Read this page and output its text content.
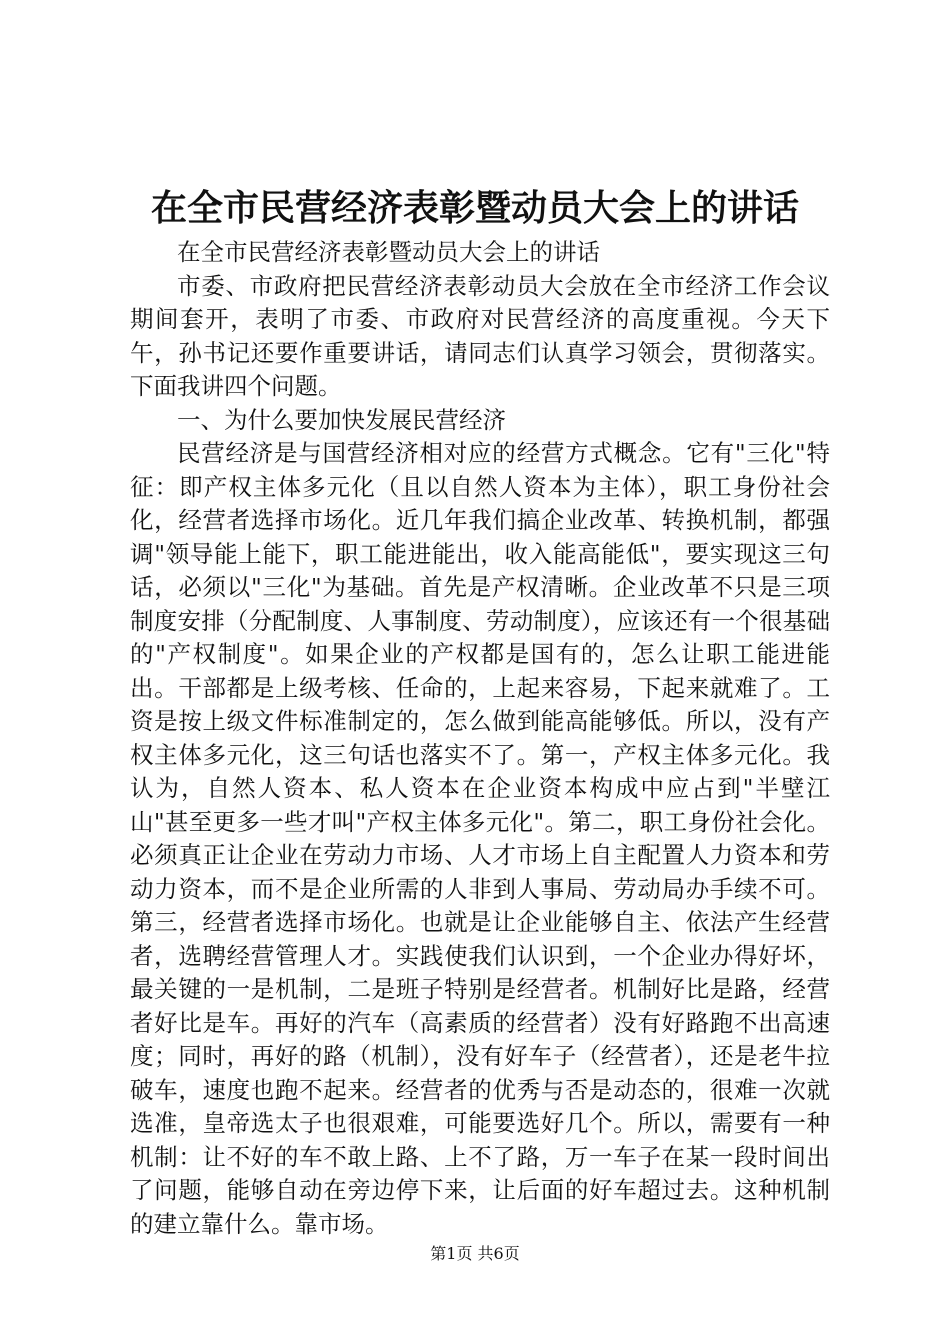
在全市民营经济表彰暨动员大会上的讲话

在全市民营经济表彰暨动员大会上的讲话

市委、市政府把民营经济表彰动员大会放在全市经济工作会议期间套开，表明了市委、市政府对民营经济的高度重视。今天下午，孙书记还要作重要讲话，请同志们认真学习领会，贯彻落实。下面我讲四个问题。

一、为什么要加快发展民营经济

民营经济是与国营经济相对应的经营方式概念。它有"三化"特征：即产权主体多元化（且以自然人资本为主体），职工身份社会化，经营者选择市场化。近几年我们搞企业改革、转换机制，都强调"领导能上能下，职工能进能出，收入能高能低"，要实现这三句话，必须以"三化"为基础。首先是产权清晰。企业改革不只是三项制度安排（分配制度、人事制度、劳动制度），应该还有一个很基础的"产权制度"。如果企业的产权都是国有的，怎么让职工能进能出。干部都是上级考核、任命的，上起来容易，下起来就难了。工资是按上级文件标准制定的，怎么做到能高能够低。所以，没有产权主体多元化，这三句话也落实不了。第一，产权主体多元化。我认为，自然人资本、私人资本在企业资本构成中应占到"半壁江山"甚至更多一些才叫"产权主体多元化"。第二，职工身份社会化。必须真正让企业在劳动力市场、人才市场上自主配置人力资本和劳动力资本，而不是企业所需的人非到人事局、劳动局办手续不可。第三，经营者选择市场化。也就是让企业能够自主、依法产生经营者，选聘经营管理人才。实践使我们认识到，一个企业办得好坏，最关键的一是机制，二是班子特别是经营者。机制好比是路，经营者好比是车。再好的汽车（高素质的经营者）没有好路跑不出高速度；同时，再好的路（机制），没有好车子（经营者），还是老牛拉破车，速度也跑不起来。经营者的优秀与否是动态的，很难一次就选准，皇帝选太子也很艰难，可能要选好几个。所以，需要有一种机制：让不好的车不敢上路、上不了路，万一车子在某一段时间出了问题，能够自动在旁边停下来，让后面的好车超过去。这种机制的建立靠什么。靠市场。

第1页 共6页
